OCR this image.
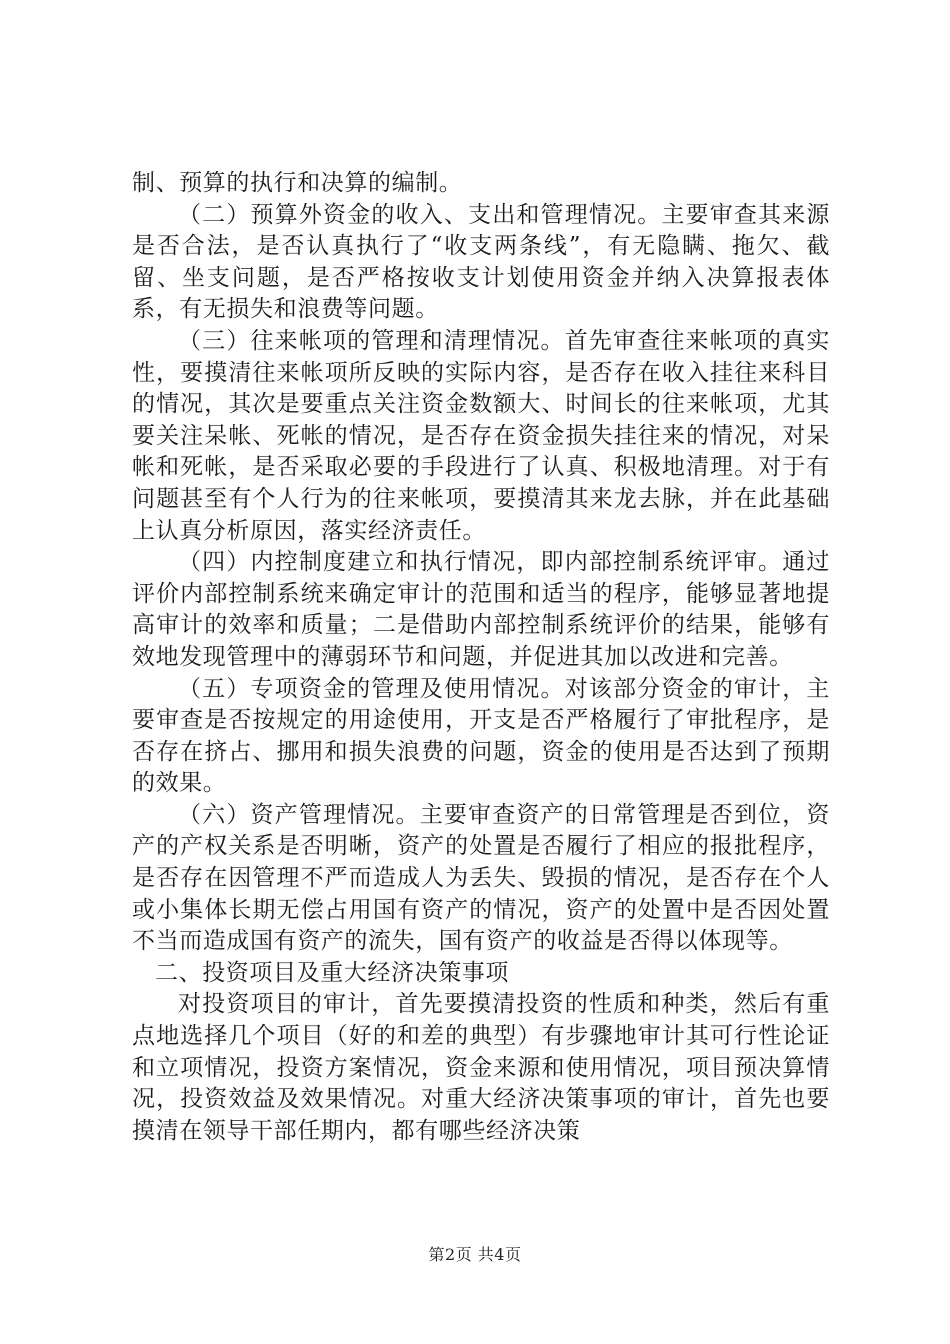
制、预算的执行和决算的编制。

（二）预算外资金的收入、支出和管理情况。主要审查其来源是否合法，是否认真执行了“收支两条线”，有无隐瞒、拖欠、截留、坐支问题，是否严格按收支计划使用资金并纳入决算报表体系，有无损失和浪费等问题。

（三）往来帐项的管理和清理情况。首先审查往来帐项的真实性，要摸清往来帐项所反映的实际内容，是否存在收入挂往来科目的情况，其次是要重点关注资金数额大、时间长的往来帐项，尤其要关注呆帐、死帐的情况，是否存在资金损失挂往来的情况，对呆帐和死帐，是否采取必要的手段进行了认真、积极地清理。对于有问题甚至有个人行为的往来帐项，要摸清其来龙去脉，并在此基础上认真分析原因，落实经济责任。

（四）内控制度建立和执行情况，即内部控制系统评审。通过评价内部控制系统来确定审计的范围和适当的程序，能够显著地提高审计的效率和质量；二是借助内部控制系统评价的结果，能够有效地发现管理中的薄弱环节和问题，并促进其加以改进和完善。

（五）专项资金的管理及使用情况。对该部分资金的审计，主要审查是否按规定的用途使用，开支是否严格履行了审批程序，是否存在挤占、挪用和损失浪费的问题，资金的使用是否达到了预期的效果。

（六）资产管理情况。主要审查资产的日常管理是否到位，资产的产权关系是否明晰，资产的处置是否履行了相应的报批程序，是否存在因管理不严而造成人为丢失、毁损的情况，是否存在个人或小集体长期无偿占用国有资产的情况，资产的处置中是否因处置不当而造成国有资产的流失，国有资产的收益是否得以体现等。

二、投资项目及重大经济决策事项

对投资项目的审计，首先要摸清投资的性质和种类，然后有重点地选择几个项目（好的和差的典型）有步骤地审计其可行性论证和立项情况，投资方案情况，资金来源和使用情况，项目预决算情况，投资效益及效果情况。对重大经济决策事项的审计，首先也要摸清在领导干部任期内，都有哪些经济决策

第2页 共4页
